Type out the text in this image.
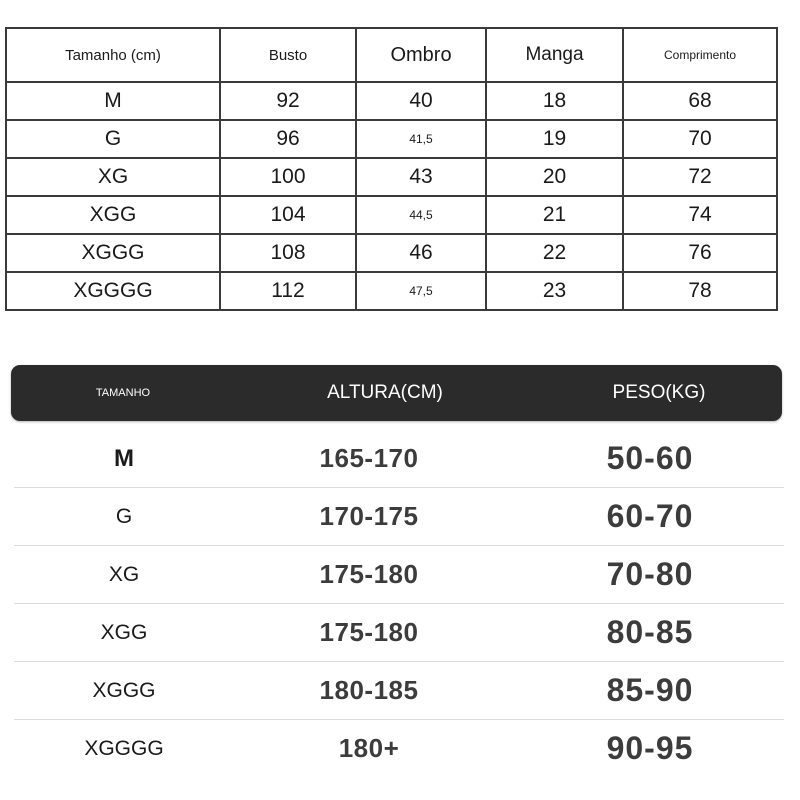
Tamanho (cm)	Busto	Ombro	Manga	Comprimento
M	92	40	18	68
G	96	41,5	19	70
XG	100	43	20	72
XGG	104	44,5	21	74
XGGG	108	46	22	76
XGGGG	112	47,5	23	78
TAMANHO	ALTURA(CM)	PESO(KG)
M	165-170	50-60
G	170-175	60-70
XG	175-180	70-80
XGG	175-180	80-85
XGGG	180-185	85-90
XGGGG	180+	90-95
